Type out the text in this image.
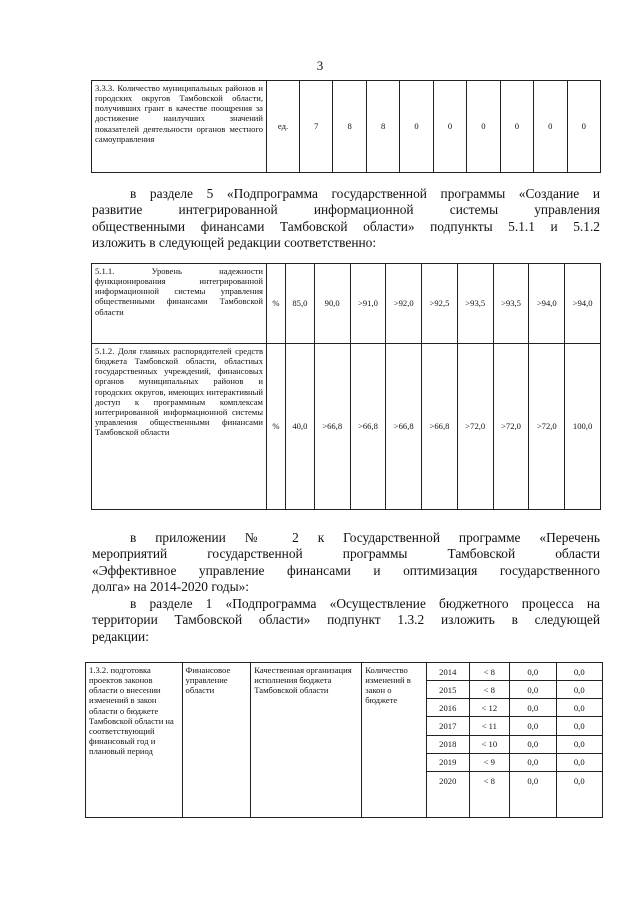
3
3.3.3. Количество муниципальных районов и городских округов Тамбовской области, получивших грант в качестве поощрения за достижение наилучших значений показателей деятельности органов местного самоуправления	ед.	7	8	8	0	0	0	0	0	0
в разделе 5 «Подпрограмма государственной программы «Создание и
развитие интегрированной информационной системы управления
общественными финансами Тамбовской области» подпункты 5.1.1 и 5.1.2
изложить в следующей редакции соответственно:
5.1.1. Уровень надежности функционирования интегрированной информационной системы управления общественными финансами Тамбовской области	%	85,0	90,0	>91,0	>92,0	>92,5	>93,5	>93,5	>94,0	>94,0
5.1.2. Доля главных распорядителей средств бюджета Тамбовской области, областных государственных учреждений, финансовых органов муниципальных районов и городских округов, имеющих интерактивный доступ к программным комплексам интегрированной информационной системы управления общественными финансами Тамбовской области	%	40,0	>66,8	>66,8	>66,8	>66,8	>72,0	>72,0	>72,0	100,0
в приложении № 2 к Государственной программе «Перечень
мероприятий государственной программы Тамбовской области
«Эффективное управление финансами и оптимизация государственного
долга» на 2014-2020 годы»:
в разделе 1 «Подпрограмма «Осуществление бюджетного процесса на
территории Тамбовской области» подпункт 1.3.2 изложить в следующей
редакции:
1.3.2. подготовка проектов законов области о внесении изменений в закон области о бюджете Тамбовской области на соответствующий финансовый год и плановый период	Финансовое управление области	Качественная организация исполнения бюджета Тамбовской области	Количество изменений в закон о бюджете	2014	< 8	0,0	0,0
				2015	< 8	0,0	0,0
				2016	< 12	0,0	0,0
				2017	< 11	0,0	0,0
				2018	< 10	0,0	0,0
				2019	< 9	0,0	0,0
				2020	< 8	0,0	0,0
